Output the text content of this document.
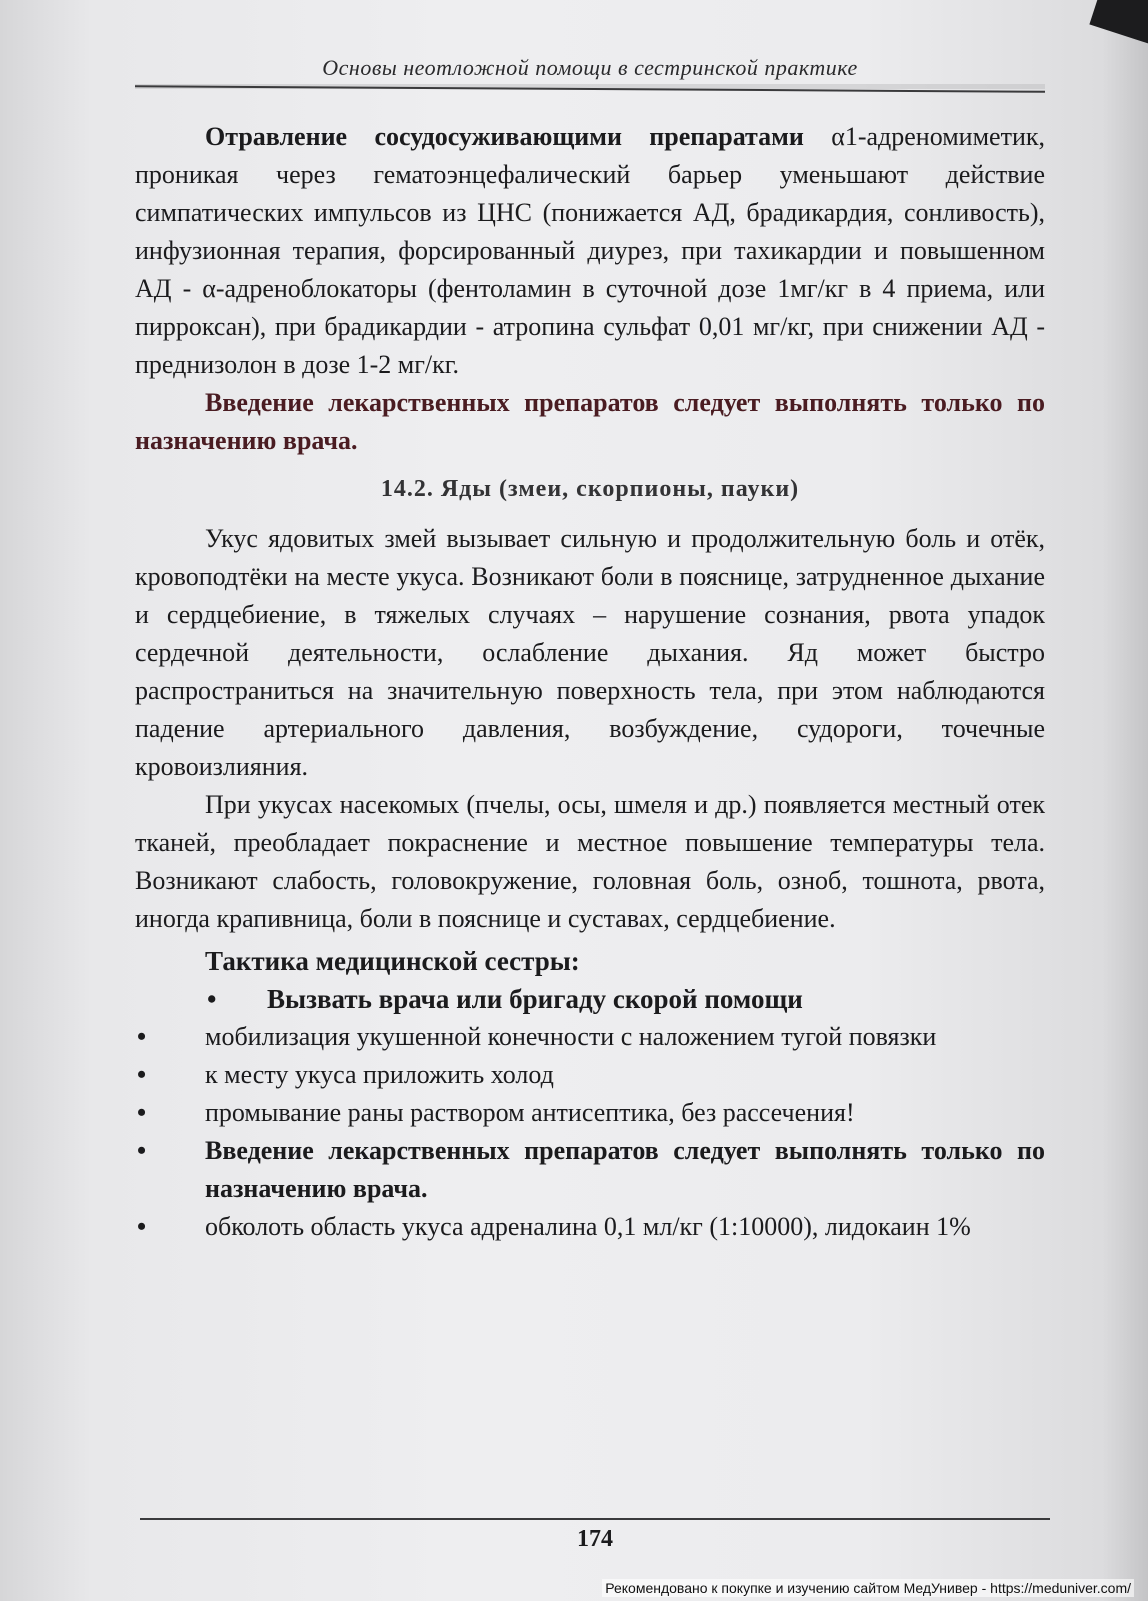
Основы неотложной помощи в сестринской практике

Отравление сосудосуживающими препаратами α1-адреномиметик, проникая через гематоэнцефалический барьер уменьшают действие симпатических импульсов из ЦНС (понижается АД, брадикардия, сонливость), инфузионная терапия, форсированный диурез, при тахикардии и повышенном АД - α-адреноблокаторы (фентоламин в суточной дозе 1мг/кг в 4 приема, или пирроксан), при брадикардии - атропина сульфат 0,01 мг/кг, при снижении АД - преднизолон в дозе 1-2 мг/кг.

Введение лекарственных препаратов следует выполнять только по назначению врача.

14.2. Яды (змеи, скорпионы, пауки)

Укус ядовитых змей вызывает сильную и продолжительную боль и отёк, кровоподтёки на месте укуса. Возникают боли в пояснице, затрудненное дыхание и сердцебиение, в тяжелых случаях – нарушение сознания, рвота упадок сердечной деятельности, ослабление дыхания. Яд может быстро распространиться на значительную поверхность тела, при этом наблюдаются падение артериального давления, возбуждение, судороги, точечные кровоизлияния.

При укусах насекомых (пчелы, осы, шмеля и др.) появляется местный отек тканей, преобладает покраснение и местное повышение температуры тела. Возникают слабость, головокружение, головная боль, озноб, тошнота, рвота, иногда крапивница, боли в пояснице и суставах, сердцебиение.

Тактика медицинской сестры:
• Вызвать врача или бригаду скорой помощи
• мобилизация укушенной конечности с наложением тугой повязки
• к месту укуса приложить холод
• промывание раны раствором антисептика, без рассечения!
• Введение лекарственных препаратов следует выполнять только по назначению врача.
• обколоть область укуса адреналина 0,1 мл/кг (1:10000), лидокаин 1%
174
Рекомендовано к покупке и изучению сайтом МедУнивер - https://meduniver.com/
